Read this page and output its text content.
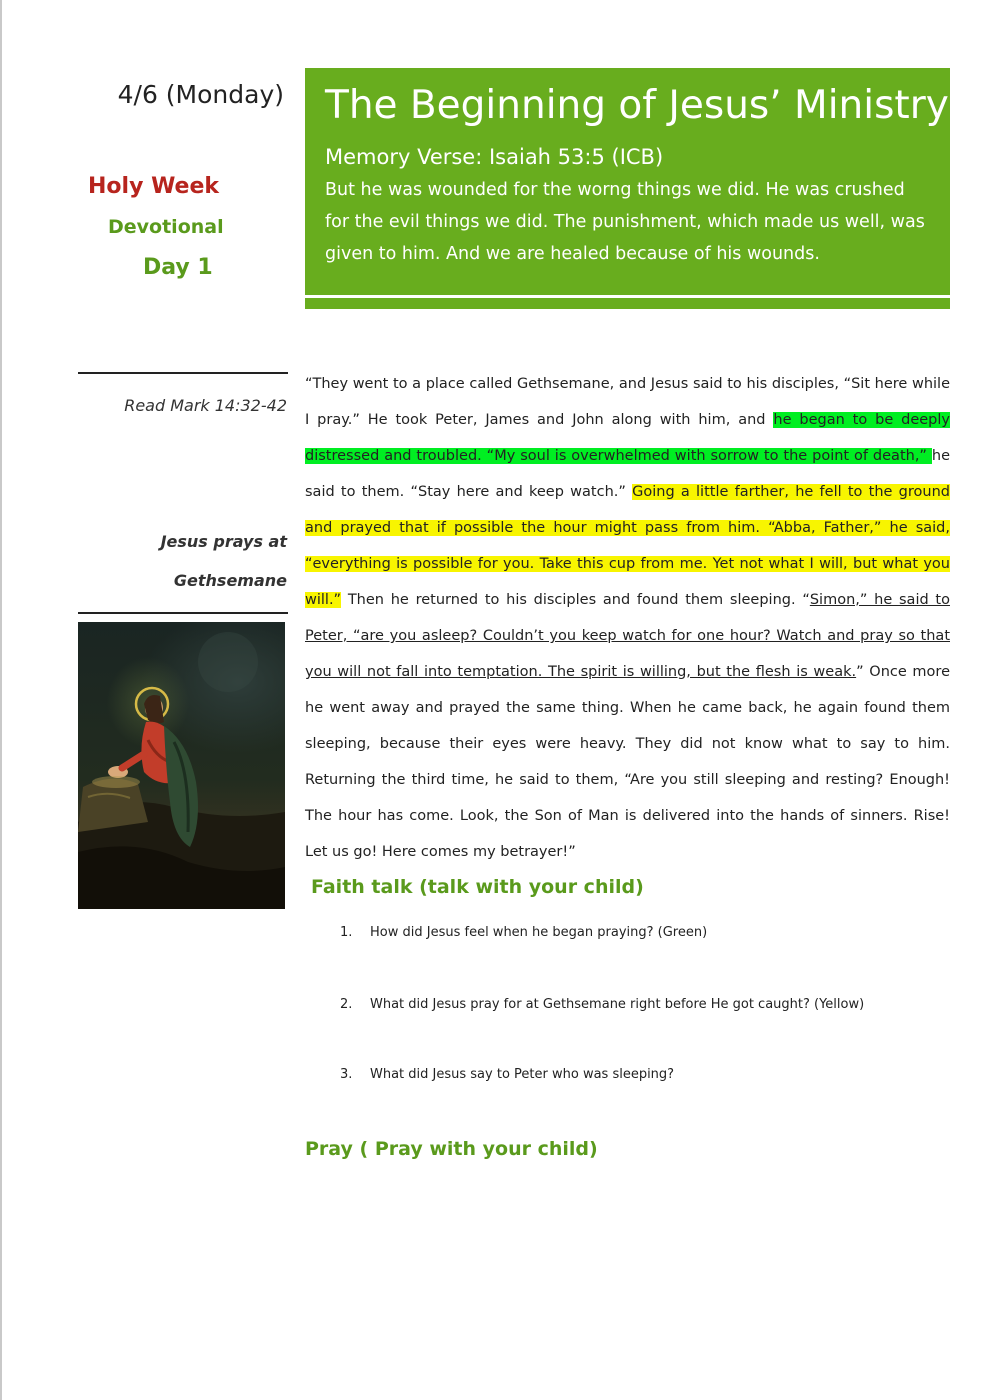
4/6 (Monday)
Holy Week
Devotional
Day 1
Read Mark 14:32-42
Jesus prays at
Gethsemane
The Beginning of Jesus’ Ministry
Memory Verse: Isaiah 53:5 (ICB)
But he was wounded for the worng things we did. He was crushed for the evil things we did. The punishment, which made us well, was given to him. And we are healed because of his wounds.
“They went to a place called Gethsemane, and Jesus said to his disciples, “Sit here while I pray.” He took Peter, James and John along with him, and he began to be deeply distressed and troubled. “My soul is overwhelmed with sorrow to the point of death,” he said to them. “Stay here and keep watch.” Going a little farther, he fell to the ground and prayed that if possible the hour might pass from him. “Abba, Father,” he said, “everything is possible for you. Take this cup from me. Yet not what I will, but what you will.” Then he returned to his disciples and found them sleeping. “Simon,” he said to Peter, “are you asleep? Couldn’t you keep watch for one hour? Watch and pray so that you will not fall into temptation. The spirit is willing, but the flesh is weak.” Once more he went away and prayed the same thing. When he came back, he again found them sleeping, because their eyes were heavy. They did not know what to say to him. Returning the third time, he said to them, “Are you still sleeping and resting? Enough! The hour has come. Look, the Son of Man is delivered into the hands of sinners. Rise! Let us go! Here comes my betrayer!”
Faith talk (talk with your child)
1. How did Jesus feel when he began praying? (Green)
2. What did Jesus pray for at Gethsemane right before He got caught? (Yellow)
3. What did Jesus say to Peter who was sleeping?
Pray ( Pray with your child)
